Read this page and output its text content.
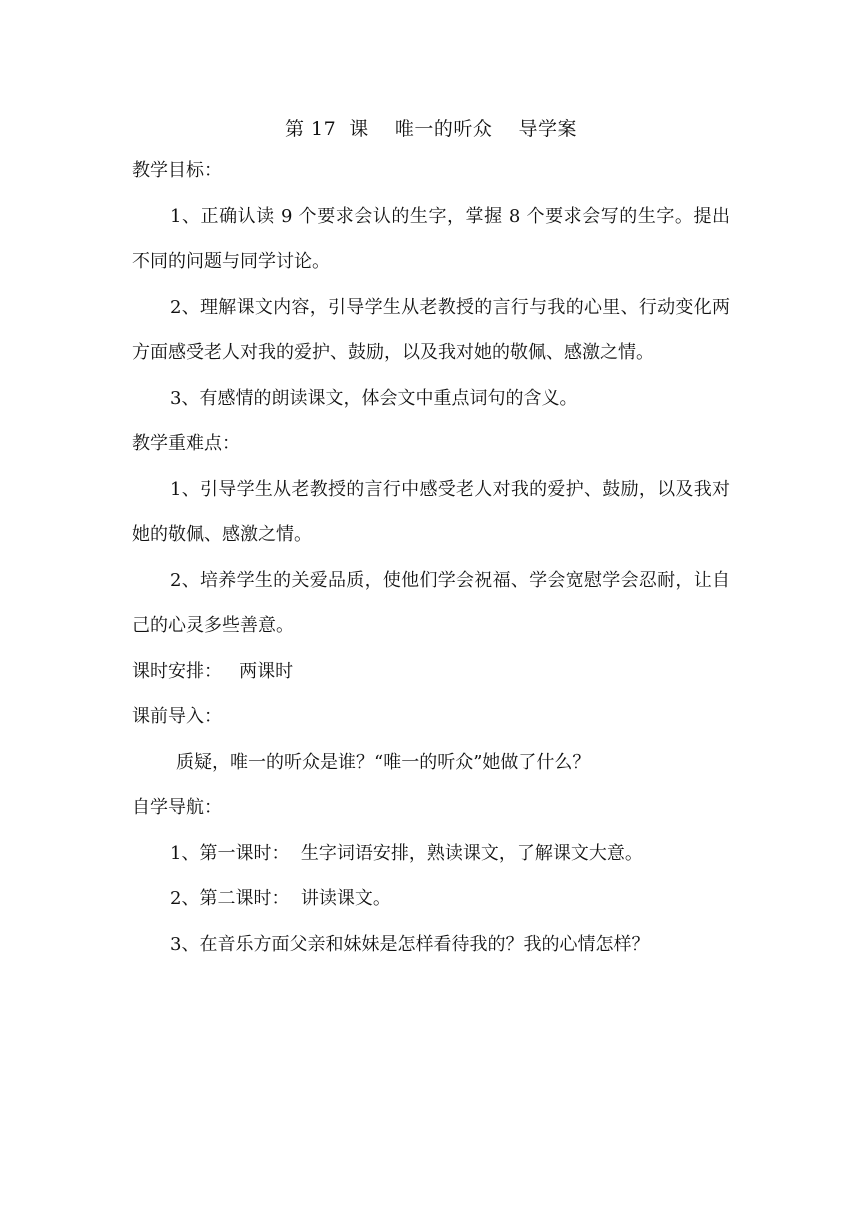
第 17  课    唯一的听众    导学案

教学目标：

1、正确认读 9 个要求会认的生字，掌握 8 个要求会写的生字。提出不同的问题与同学讨论。

2、理解课文内容，引导学生从老教授的言行与我的心里、行动变化两方面感受老人对我的爱护、鼓励，以及我对她的敬佩、感激之情。

3、有感情的朗读课文，体会文中重点词句的含义。

教学重难点：

1、引导学生从老教授的言行中感受老人对我的爱护、鼓励，以及我对她的敬佩、感激之情。

2、培养学生的关爱品质，使他们学会祝福、学会宽慰学会忍耐，让自己的心灵多些善意。

课时安排： 两课时

课前导入：

质疑，唯一的听众是谁？“唯一的听众”她做了什么？

自学导航：

1、第一课时：  生字词语安排，熟读课文，了解课文大意。

2、第二课时：  讲读课文。

3、在音乐方面父亲和妹妹是怎样看待我的？我的心情怎样？
